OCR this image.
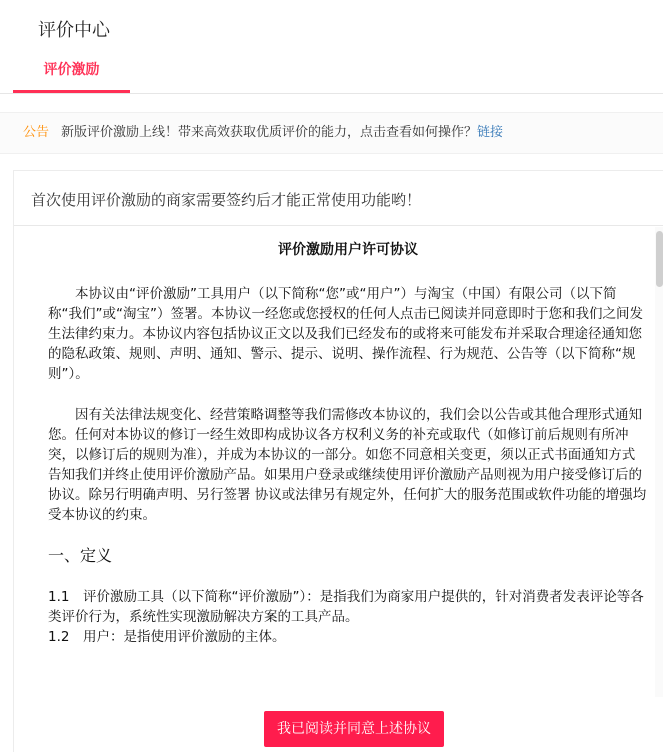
评价中心
评价激励
公告 新版评价激励上线！带来高效获取优质评价的能力，点击查看如何操作？链接
首次使用评价激励的商家需要签约后才能正常使用功能哟！
评价激励用户许可协议

本协议由“评价激励”工具用户（以下简称“您”或“用户”）与淘宝（中国）有限公司（以下简称“我们”或“淘宝”）签署。本协议一经您或您授权的任何人点击已阅读并同意即时于您和我们之间发生法律约束力。本协议内容包括协议正文以及我们已经发布的或将来可能发布并采取合理途径通知您的隐私政策、规则、声明、通知、警示、提示、说明、操作流程、行为规范、公告等（以下简称“规则”）。

因有关法律法规变化、经营策略调整等我们需修改本协议的，我们会以公告或其他合理形式通知您。任何对本协议的修订一经生效即构成协议各方权利义务的补充或取代（如修订前后规则有所冲突，以修订后的规则为准），并成为本协议的一部分。如您不同意相关变更，须以正式书面通知方式告知我们并终止使用评价激励产品。如果用户登录或继续使用评价激励产品则视为用户接受修订后的协议。除另行明确声明、另行签署 协议或法律另有规定外，任何扩大的服务范围或软件功能的增强均受本协议的约束。

一、定义
1.1　评价激励工具（以下简称“评价激励”）：是指我们为商家用户提供的，针对消费者发表评论等各类评价行为，系统性实现激励解决方案的工具产品。
1.2　用户：是指使用评价激励的主体。
我已阅读并同意上述协议
